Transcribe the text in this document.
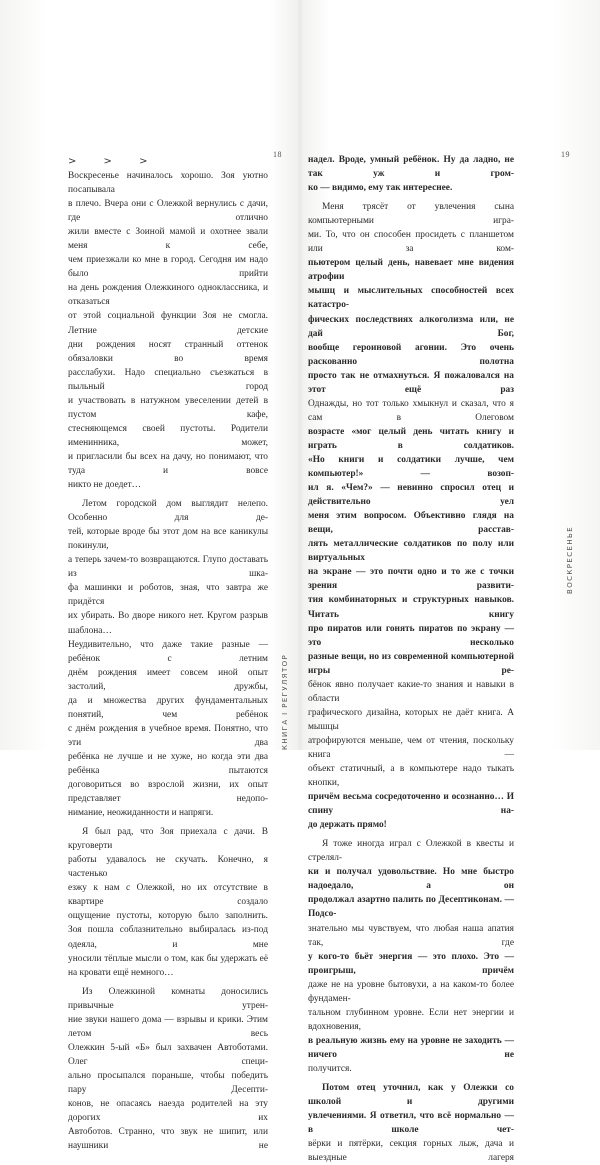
18	19
КНИГА I РЕГУЛЯТОР
ВОСКРЕСЕНЬЕ
> > >

Воскресенье начиналось хорошо. Зоя уютно посапывала

в плечо. Вчера они с Олежкой вернулись с дачи, где отлично

жили вместе с Зоиной мамой и охотнее звали меня к себе,

чем приезжали ко мне в город. Сегодня им надо было прийти

на день рождения Олежкиного одноклассника, и отказаться

от этой социальной функции Зоя не смогла. Летние детские

дни рождения носят странный оттенок обязаловки во время

расслабухи. Надо специально съезжаться в пыльный город

и участвовать в натужном увеселении детей в пустом кафе,

стесняющемся своей пустоты. Родители именинника, может,

и пригласили бы всех на дачу, но понимают, что туда и вовсе

никто не доедет…

Летом городской дом выглядит нелепо. Особенно для де-

тей, которые вроде бы этот дом на все каникулы покинули,

а теперь зачем-то возвращаются. Глупо доставать из шка-

фа машинки и роботов, зная, что завтра же придётся

их убирать. Во дворе никого нет. Кругом разрыв шаблона…

Неудивительно, что даже такие разные — ребёнок с летним

днём рождения имеет совсем иной опыт застолий, дружбы,

да и множества других фундаментальных понятий, чем ребёнок

с днём рождения в учебное время. Понятно, что эти два

ребёнка не лучше и не хуже, но когда эти два ребёнка пытаются

договориться во взрослой жизни, их опыт представляет недопо-

нимание, неожиданности и напряги.

Я был рад, что Зоя приехала с дачи. В круговерти

работы удавалось не скучать. Конечно, я частенько

езжу к нам с Олежкой, но их отсутствие в квартире создало

ощущение пустоты, которую было заполнить.

Зоя пошла соблазнительно выбиралась из-под одеяла, и мне

уносили тёплые мысли о том, как бы удержать её

на кровати ещё немного…

Из Олежкиной комнаты доносились привычные утрен-

ние звуки нашего дома — взрывы и крики. Этим летом весь

Олежкин 5-ый «Б» был захвачен Автоботами. Олег специ-

ально просыпался пораньше, чтобы победить пару Десепти-

конов, не опасаясь наезда родителей на эту дорогих их

Автоботов. Странно, что звук не шипит, или наушники не

надел. Вроде, умный ребёнок. Ну да ладно, не так уж и гром-

ко — видимо, ему так интереснее.

Меня трясёт от увлечения сына компьютерными игра-

ми. То, что он способен просидеть с планшетом или за ком-

пьютером целый день, навевает мне видения атрофии

мышц и мыслительных способностей всех катастро-

фических последствиях алкоголизма или, не дай Бог,

вообще героиновой агонии. Это очень раскованно полотна

просто так не отмахнуться. Я пожаловался на этот ещё раз

Однажды, но тот только хмыкнул и сказал, что я сам в Олеговом

возрасте «мог целый день читать книгу и играть в солдатиков.

«Но книги и солдатики лучше, чем компьютер!» — возоп-

ил я. «Чем?» — невинно спросил отец и действительно уел

меня этим вопросом. Объективно глядя на вещи, расстав-

лять металлические солдатиков по полу или виртуальных

на экране — это почти одно и то же с точки зрения развити-

тия комбинаторных и структурных навыков. Читать книгу

про пиратов или гонять пиратов по экрану — это несколько

разные вещи, но из современной компьютерной игры ре-

бёнок явно получает какие-то знания и навыки в области

графического дизайна, которых не даёт книга. А мышцы

атрофируются меньше, чем от чтения, поскольку книга —

объект статичный, а в компьютере надо тыкать кнопки,

причём весьма сосредоточенно и осознанно… И спину на-

до держать прямо!

Я тоже иногда играл с Олежкой в квесты и стрелял-

ки и получал удовольствие. Но мне быстро надоедало, а он

продолжал азартно палить по Десептиконам. — Подсо-

знательно мы чувствуем, что любая наша апатия так, где

у кого-то бьёт энергия — это плохо. Это — проигрыш, причём

даже не на уровне бытовухи, а на каком-то более фундамен-

тальном глубинном уровне. Если нет энергии и вдохновения,

в реальную жизнь ему на уровне не заходить — ничего не

получится.

Потом отец уточнил, как у Олежки со школой и другими

увлечениями. Я ответил, что всё нормально — в школе чет-

вёрки и пятёрки, секция горных лыж, дача и выездные лагеря
